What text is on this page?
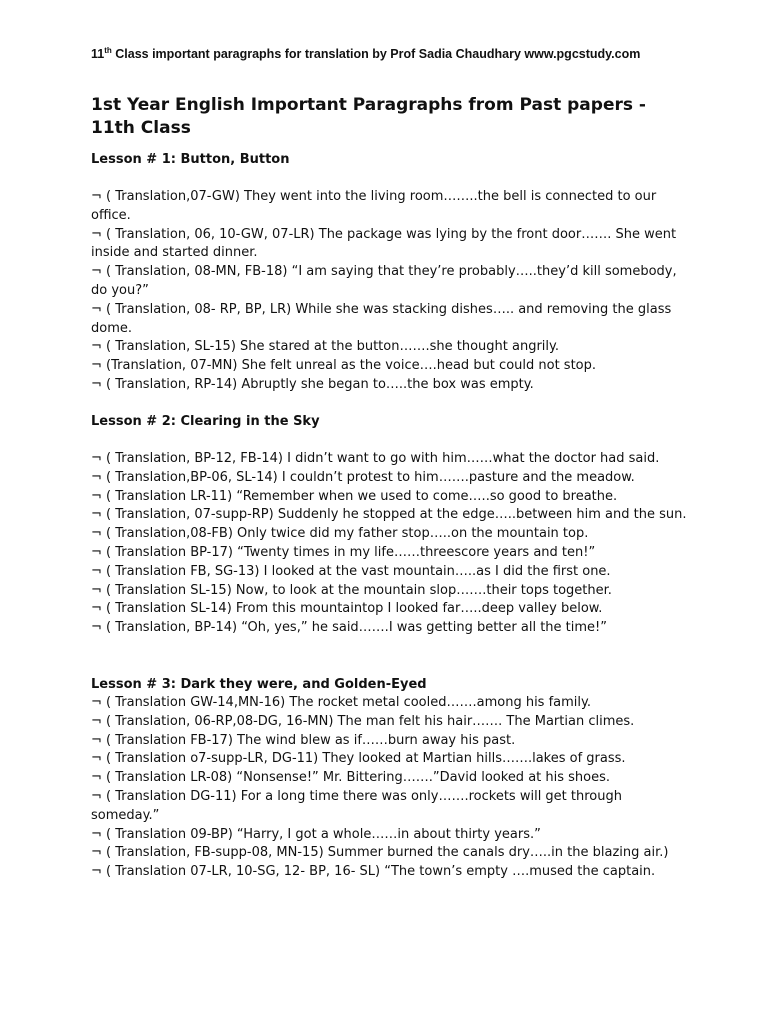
11th Class important paragraphs for translation by Prof Sadia Chaudhary www.pgcstudy.com
1st Year English Important Paragraphs from Past papers - 11th Class
Lesson # 1: Button, Button
¬ ( Translation,07-GW) They went into the living room……..the bell is connected to our office.
¬ ( Translation, 06, 10-GW, 07-LR) The package was lying by the front door……. She went inside and started dinner.
¬ ( Translation, 08-MN, FB-18) “I am saying that they’re probably…..they’d kill somebody, do you?”
¬ ( Translation, 08- RP, BP, LR) While she was stacking dishes….. and removing the glass dome.
¬ ( Translation, SL-15) She stared at the button…….she thought angrily.
¬ (Translation, 07-MN) She felt unreal as the voice….head but could not stop.
¬ ( Translation, RP-14) Abruptly she began to…..the box was empty.
Lesson # 2: Clearing in the Sky
¬ ( Translation, BP-12, FB-14) I didn’t want to go with him……what the doctor had said.
¬ ( Translation,BP-06, SL-14) I couldn’t protest to him…….pasture and the meadow.
¬ ( Translation LR-11) “Remember when we used to come…..so good to breathe.
¬ ( Translation, 07-supp-RP) Suddenly he stopped at the edge…..between him and the sun.
¬ ( Translation,08-FB) Only twice did my father stop…..on the mountain top.
¬ ( Translation BP-17) “Twenty times in my life……threescore years and ten!”
¬ ( Translation FB, SG-13) I looked at the vast mountain…..as I did the first one.
¬ ( Translation SL-15) Now, to look at the mountain slop…….their tops together.
¬ ( Translation SL-14) From this mountaintop I looked far…..deep valley below.
¬ ( Translation, BP-14) “Oh, yes,” he said…….I was getting better all the time!”
Lesson # 3: Dark they were, and Golden-Eyed
¬ ( Translation GW-14,MN-16) The rocket metal cooled…….among his family.
¬ ( Translation, 06-RP,08-DG, 16-MN) The man felt his hair……. The Martian climes.
¬ ( Translation FB-17) The wind blew as if……burn away his past.
¬ ( Translation o7-supp-LR, DG-11) They looked at Martian hills…….lakes of grass.
¬ ( Translation LR-08) “Nonsense!” Mr. Bittering…….”David looked at his shoes.
¬ ( Translation DG-11) For a long time there was only…….rockets will get through someday.”
¬ ( Translation 09-BP) “Harry, I got a whole……in about thirty years.”
¬ ( Translation, FB-supp-08, MN-15) Summer burned the canals dry…..in the blazing air.)
¬ ( Translation 07-LR, 10-SG, 12- BP, 16- SL) “The town’s empty ….mused the captain.
